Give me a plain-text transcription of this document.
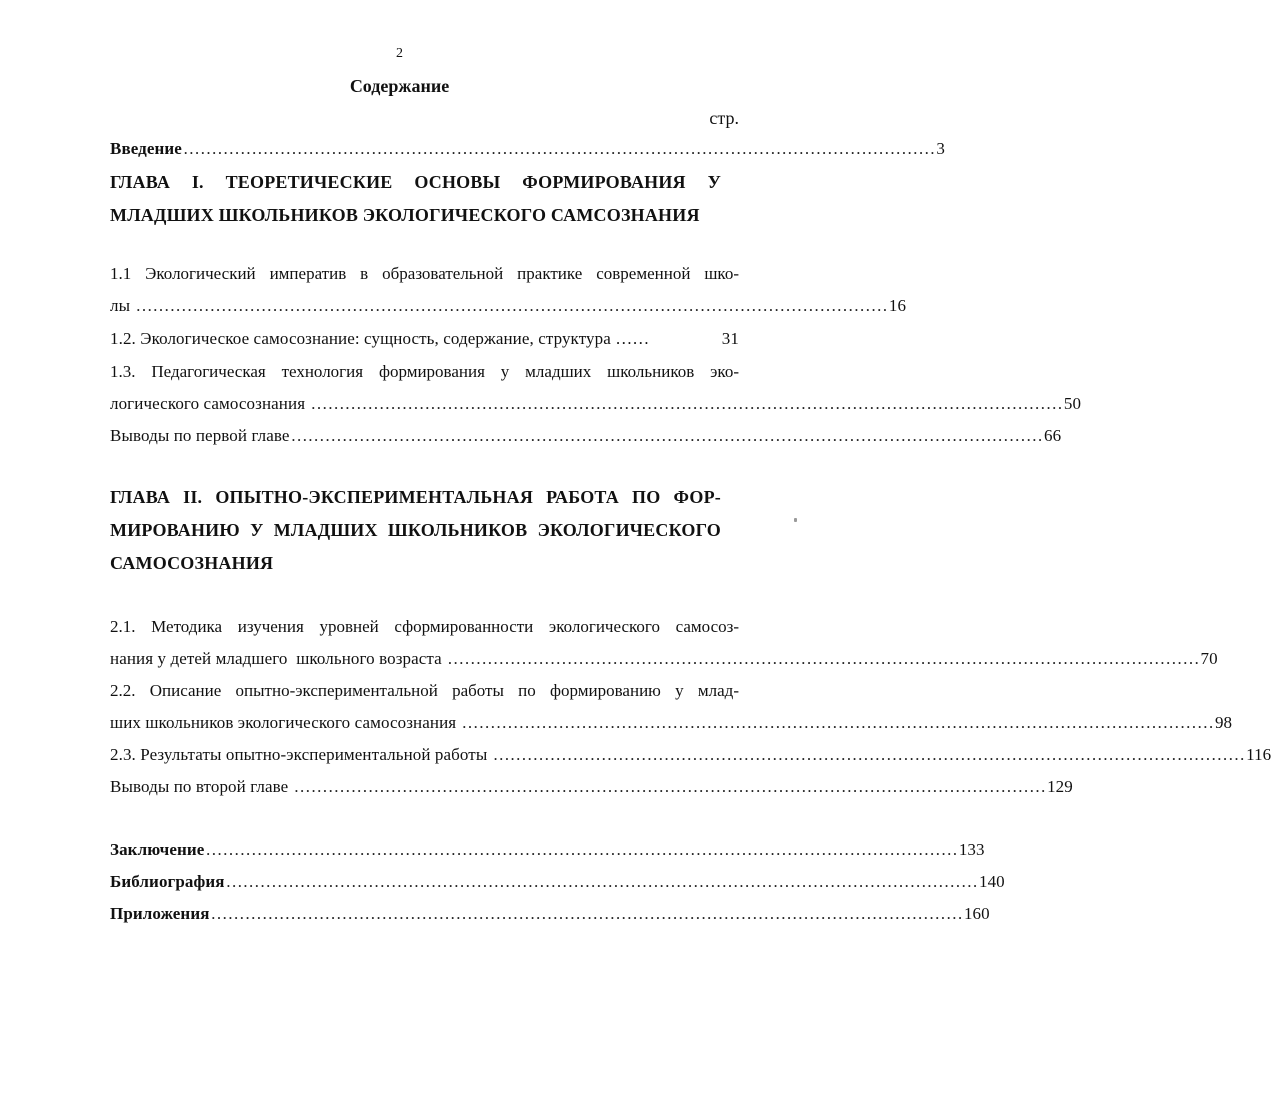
2
Содержание
стр.
Введение …………………………………………………………………………………………………………………… 3
ГЛАВА I. ТЕОРЕТИЧЕСКИЕ ОСНОВЫ ФОРМИРОВАНИЯ У
МЛАДШИХ ШКОЛЬНИКОВ ЭКОЛОГИЧЕСКОГО САМСОЗНАНИЯ
1.1 Экологический императив в образовательной практике современной шко-
лы …………………………………………………………………………………………………………………… 16
1.2. Экологическое самосознание: сущность, содержание, структура ……	31
1.3. Педагогическая технология формирования у младших школьников эко-
логического самосознания …………………………………………………………………………………………………………………… 50
Выводы по первой главе …………………………………………………………………………………………………………………… 66
ГЛАВА II. ОПЫТНО-ЭКСПЕРИМЕНТАЛЬНАЯ РАБОТА ПО ФОР-
МИРОВАНИЮ У МЛАДШИХ ШКОЛЬНИКОВ ЭКОЛОГИЧЕСКОГО
САМОСОЗНАНИЯ
2.1. Методика изучения уровней сформированности экологического самосоз-
нания у детей младшего  школьного возраста …………………………………………………………………………………………………………………… 70
2.2. Описание опытно-экспериментальной работы по формированию у млад-
ших школьников экологического самосознания …………………………………………………………………………………………………………………… 98
2.3. Результаты опытно-экспериментальной работы …………………………………………………………………………………………………………………… 116
Выводы по второй главе …………………………………………………………………………………………………………………… 129
Заключение …………………………………………………………………………………………………………………… 133
Библиография …………………………………………………………………………………………………………………… 140
Приложения …………………………………………………………………………………………………………………… 160
